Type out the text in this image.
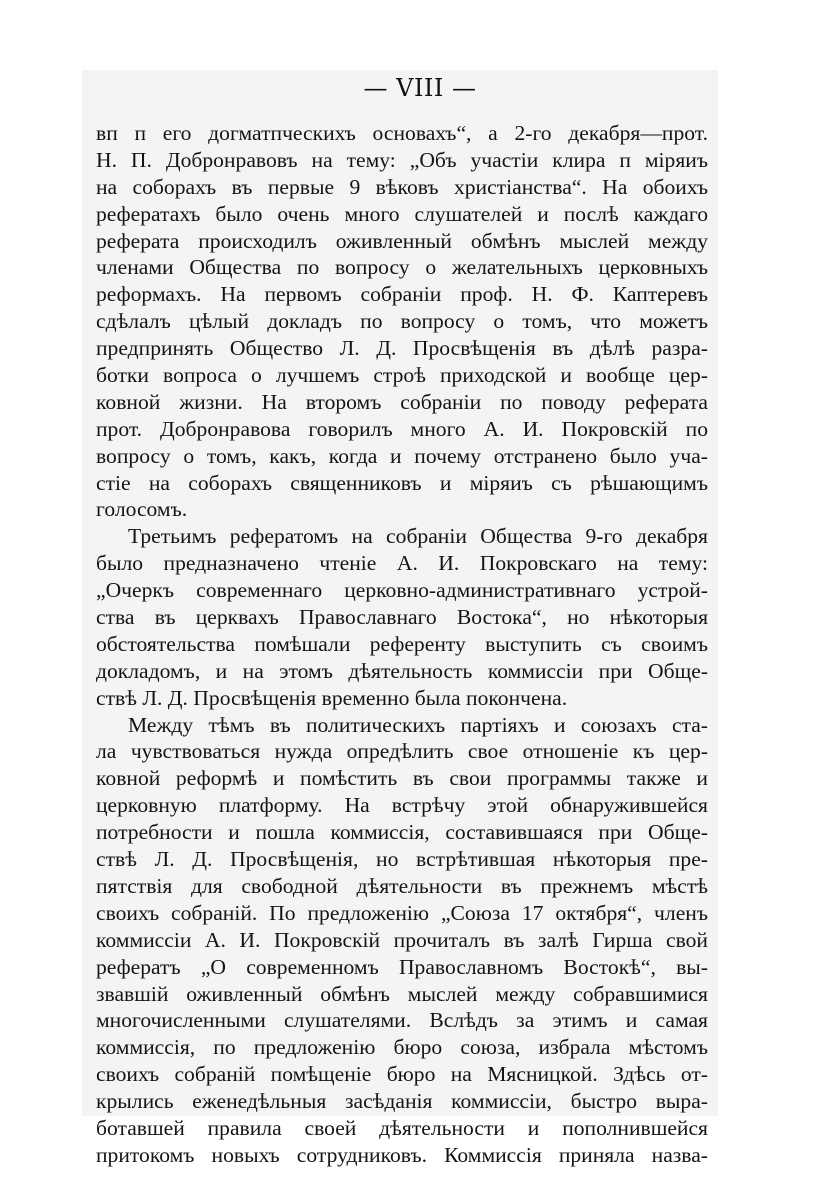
— VIII —
вп п его догматпческихъ основахъ“, а 2-го декабря—прот.
Н. П. Добронравовъ на тему: „Объ участіи клира п міряиъ
на соборахъ въ первые 9 вѣковъ христіанства“. На обоихъ
рефератахъ было очень много слушателей и послѣ каждаго
реферата происходилъ оживленный обмѣнъ мыслей между
членами Общества по вопросу о желательныхъ церковныхъ
реформахъ. На первомъ собраніи проф. Н. Ф. Каптеревъ
сдѣлалъ цѣлый докладъ по вопросу о томъ, что можетъ
предпринять Общество Л. Д. Просвѣщенія въ дѣлѣ разра-
ботки вопроса о лучшемъ строѣ приходской и вообще цер-
ковной жизни. На второмъ собраніи по поводу реферата
прот. Добронравова говорилъ много А. И. Покровскій по
вопросу о томъ, какъ, когда и почему отстранено было уча-
стіе на соборахъ священниковъ и міряиъ съ рѣшающимъ
голосомъ.
Третьимъ рефератомъ на собраніи Общества 9-го декабря
было предназначено чтеніе А. И. Покровскаго на тему:
„Очеркъ современнаго церковно-административнаго устрой-
ства въ церквахъ Православнаго Востока“, но нѣкоторыя
обстоятельства помѣшали референту выступить съ своимъ
докладомъ, и на этомъ дѣятельность коммиссіи при Обще-
ствѣ Л. Д. Просвѣщенія временно была покончена.
Между тѣмъ въ политическихъ партіяхъ и союзахъ ста-
ла чувствоваться нужда опредѣлить свое отношеніе къ цер-
ковной реформѣ и помѣстить въ свои программы также и
церковную платформу. На встрѣчу этой обнаружившейся
потребности и пошла коммиссія, составившаяся при Обще-
ствѣ Л. Д. Просвѣщенія, но встрѣтившая нѣкоторыя пре-
пятствія для свободной дѣятельности въ прежнемъ мѣстѣ
своихъ собраній. По предложенію „Союза 17 октября“, членъ
коммиссіи А. И. Покровскій прочиталъ въ залѣ Гирша свой
рефератъ „О современномъ Православномъ Востокѣ“, вы-
звавшій оживленный обмѣнъ мыслей между собравшимися
многочисленными слушателями. Вслѣдъ за этимъ и самая
коммиссія, по предложенію бюро союза, избрала мѣстомъ
своихъ собраній помѣщеніе бюро на Мясницкой. Здѣсь от-
крылись еженедѣльныя засѣданія коммиссіи, быстро выра-
ботавшей правила своей дѣятельности и пополнившейся
притокомъ новыхъ сотрудниковъ. Коммиссія приняла назва-
